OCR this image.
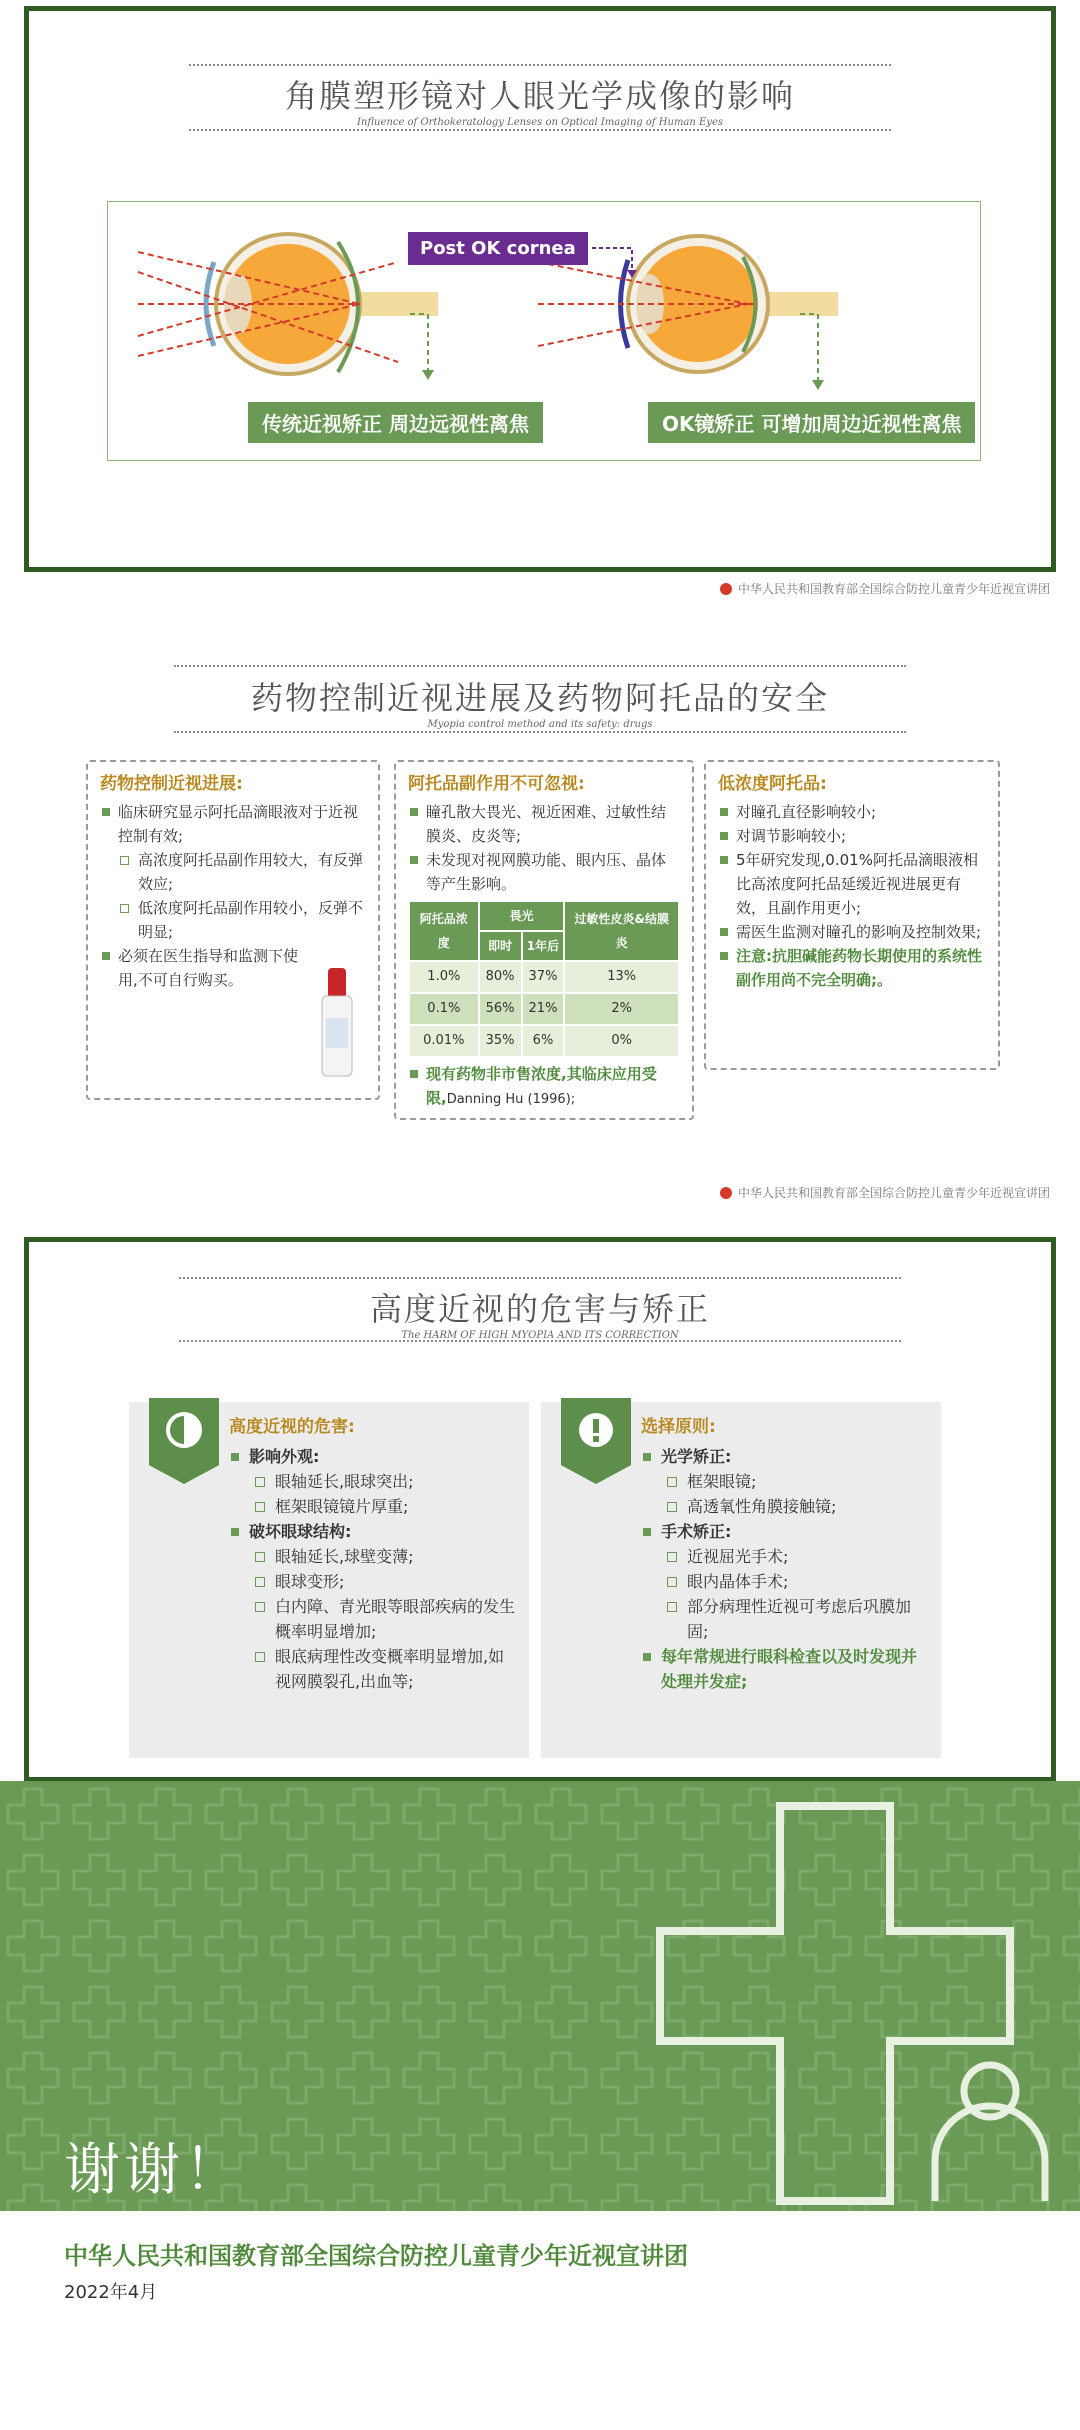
角膜塑形镜对人眼光学成像的影响
Influence of Orthokeratology Lenses on Optical Imaging of Human Eyes
Post OK cornea
传统近视矫正 周边远视性离焦	OK镜矫正 可增加周边近视性离焦
中华人民共和国教育部全国综合防控儿童青少年近视宣讲团
药物控制近视进展及药物阿托品的安全
Myopia control method and its safety: drugs
药物控制近视进展:
临床研究显示阿托品滴眼液对于近视控制有效;
高浓度阿托品副作用较大，有反弹效应;
低浓度阿托品副作用较小，反弹不明显;
必须在医生指导和监测下使用,不可自行购买。
阿托品副作用不可忽视:
瞳孔散大畏光、视近困难、过敏性结膜炎、皮炎等;
未发现对视网膜功能、眼内压、晶体等产生影响。
阿托品浓度	畏光		过敏性皮炎&结膜炎
	即时	1年后	
1.0%	80%	37%	13%
0.1%	56%	21%	2%
0.01%	35%	6%	0%
现有药物非市售浓度,其临床应用受限,Danning Hu (1996);
低浓度阿托品:
对瞳孔直径影响较小;
对调节影响较小;
5年研究发现,0.01%阿托品滴眼液相比高浓度阿托品延缓近视进展更有效，且副作用更小;
需医生监测对瞳孔的影响及控制效果;
注意:抗胆碱能药物长期使用的系统性副作用尚不完全明确;。
中华人民共和国教育部全国综合防控儿童青少年近视宣讲团
高度近视的危害与矫正
The HARM OF HIGH MYOPIA AND ITS CORRECTION
高度近视的危害:
影响外观:
眼轴延长,眼球突出;
框架眼镜镜片厚重;
破坏眼球结构:
眼轴延长,球壁变薄;
眼球变形;
白内障、青光眼等眼部疾病的发生概率明显增加;
眼底病理性改变概率明显增加,如视网膜裂孔,出血等;
选择原则:
光学矫正:
框架眼镜;
高透氧性角膜接触镜;
手术矫正:
近视屈光手术;
眼内晶体手术;
部分病理性近视可考虑后巩膜加固;
每年常规进行眼科检查以及时发现并处理并发症;
谢谢！
中华人民共和国教育部全国综合防控儿童青少年近视宣讲团
2022年4月
